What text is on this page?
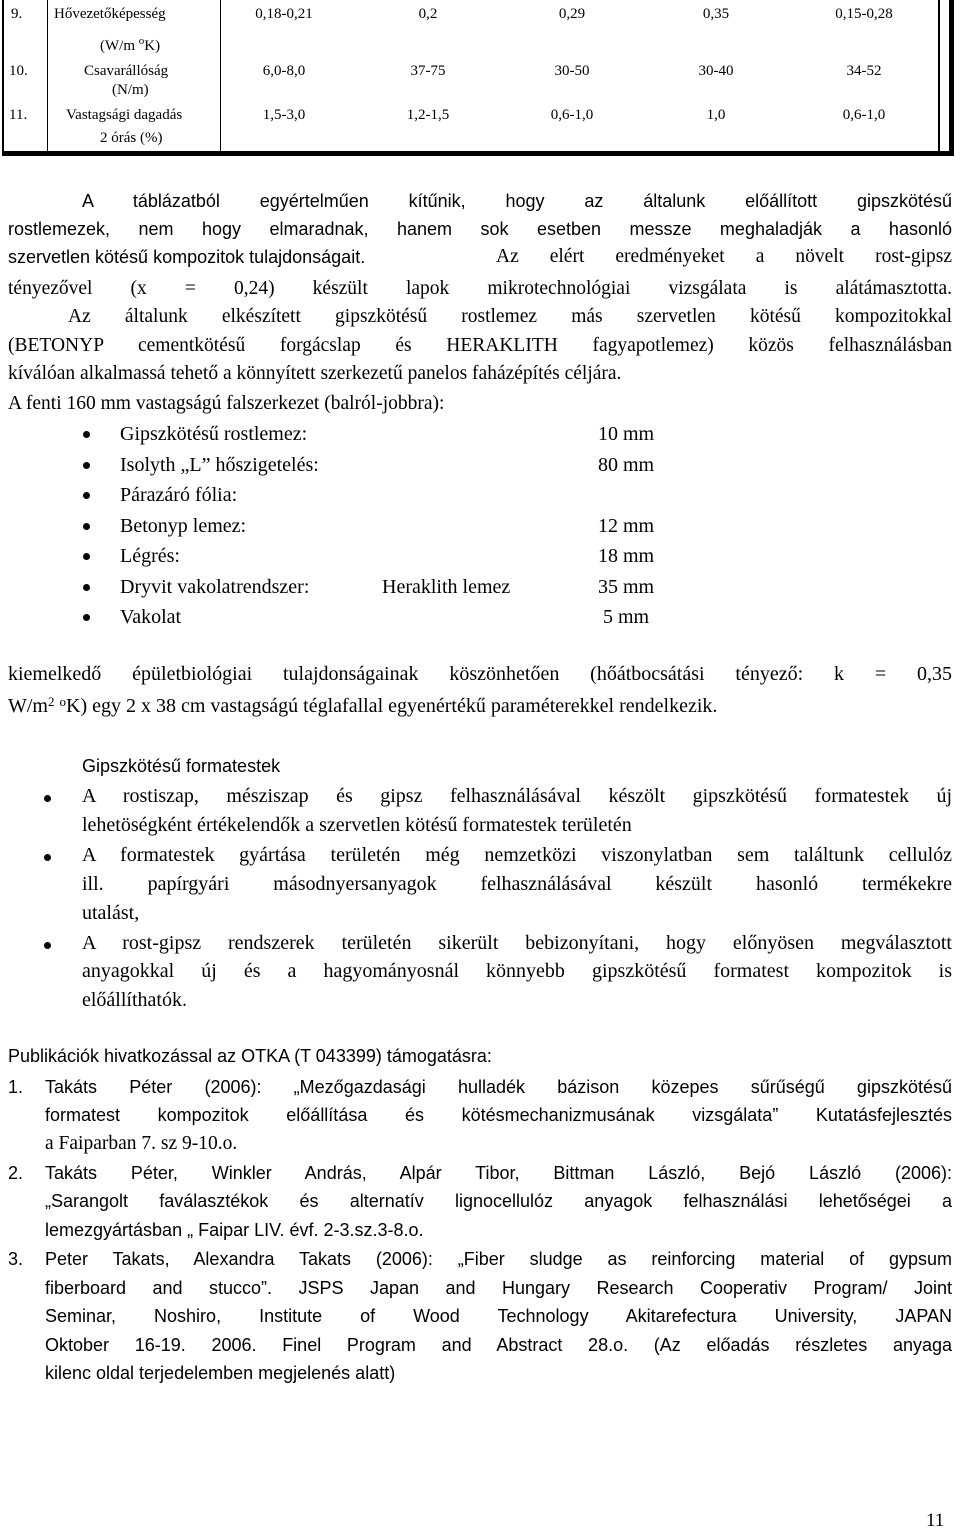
9. Hővezetőképesség
(W/m $^o$K)
0,18-0,21	0,2	0,29	0,35	0,15-0,28
10.	Csavarállóság
(N/m)
6,0-8,0	37-75	30-50	30-40	34-52
11.	Vastagsági dagadás
2 órás (%)
1,5-3,0	1,2-1,5	0,6-1,0	1,0	0,6-1,0
A táblázatból egyértelműen kítűnik, hogy az általunk előállított gipszkötésű
rostlemezek, nem hogy elmaradnak, hanem sok esetben messze meghaladják a hasonló
szervetlen kötésű kompozitok tulajdonságait.	Az elért eredményeket a növelt rost-gipsz
tényezővel (x = 0,24) készült lapok mikrotechnológiai vizsgálata is alátámasztotta.
Az általunk elkészített gipszkötésű rostlemez más szervetlen kötésű kompozitokkal
(BETONYP cementkötésű forgácslap és HERAKLITH fagyapotlemez) közös felhasználásban
kíválóan alkalmassá tehető a könnyített szerkezetű panelos faházépítés céljára.
A fenti 160 mm vastagságú falszerkezet (balról-jobbra):
Gipszkötésű rostlemez:	10 mm
Isolyth „L” hőszigetelés:	80 mm
Párazáró fólia:
Betonyp lemez:	12 mm
Légrés:	18 mm
Dryvit vakolatrendszer:	Heraklith lemez	35 mm
Vakolat	5 mm
kiemelkedő épületbiológiai tulajdonságainak köszönhetően (hőátbocsátási tényező: k = 0,35
$W/m^2$ $^o$K) egy 2 x 38 cm vastagságú téglafallal egyenértékű paraméterekkel rendelkezik.
Gipszkötésű formatestek
A rostiszap, mésziszap és gipsz felhasználásával készölt gipszkötésű formatestek új
lehetöségként értékelendők a szervetlen kötésű formatestek területén
A formatestek gyártása területén még nemzetközi viszonylatban sem találtunk cellulóz
ill. papírgyári másodnyersanyagok felhasználásával készült hasonló termékekre
utalást,
A rost-gipsz rendszerek területén sikerült bebizonyítani, hogy előnyösen megválasztott
anyagokkal új és a hagyományosnál könnyebb gipszkötésű formatest kompozitok is
előállíthatók.
Publikációk hivatkozással az OTKA (T 043399) támogatásra:
1.	Takáts Péter (2006): „Mezőgazdasági hulladék bázison közepes sűrűségű gipszkötésű
formatest kompozitok előállítása és kötésmechanizmusának vizsgálata” Kutatásfejlesztés
a Faiparban 7. sz 9-10.o.
2.	Takáts Péter, Winkler András, Alpár Tibor, Bittman László, Bejó László (2006):
„Sarangolt faválasztékok és alternatív lignocellulóz anyagok felhasználási lehetőségei a
lemezgyártásban „ Faipar LIV. évf. 2-3.sz.3-8.o.
3.	Peter Takats, Alexandra Takats (2006): „Fiber sludge as reinforcing material of gypsum
fiberboard and stucco”. JSPS Japan and Hungary Research Cooperativ Program/ Joint
Seminar, Noshiro, Institute of Wood Technology Akitarefectura University, JAPAN
Oktober 16-19. 2006. Finel Program and Abstract 28.o. (Az előadás részletes anyaga
kilenc oldal terjedelemben megjelenés alatt)
11
